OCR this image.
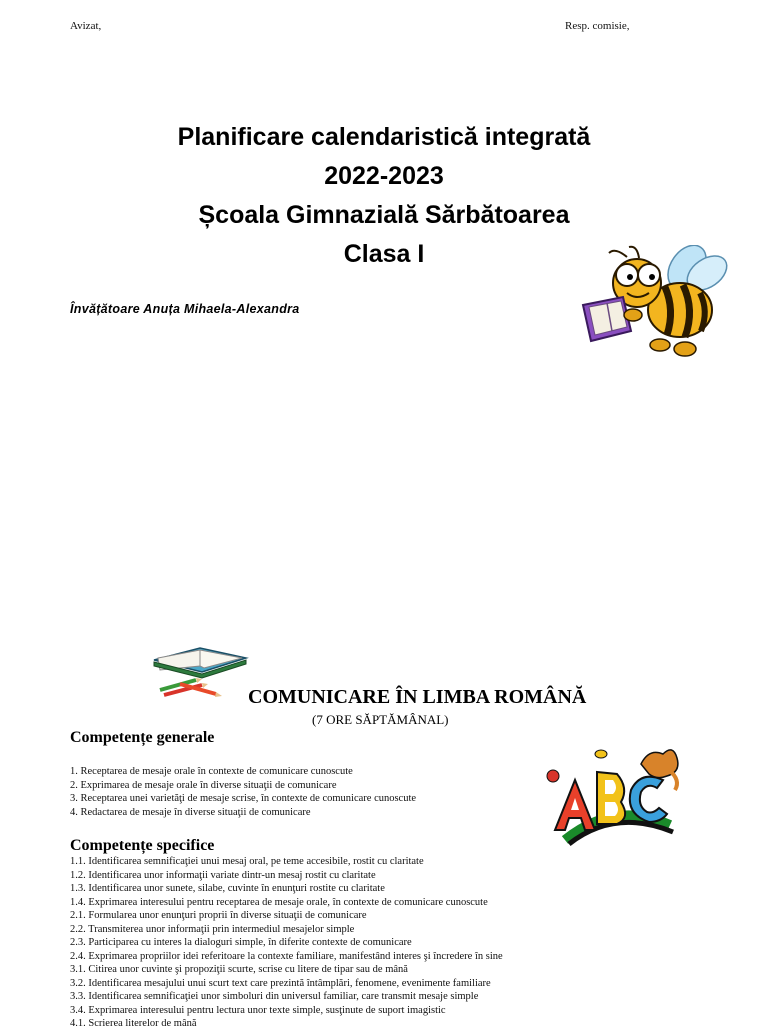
Avizat,	Resp. comisie,
Planificare calendaristică integrată
2022-2023
Școala Gimnazială Sărbătoarea
Clasa I
Învățătoare Anuța Mihaela-Alexandra
COMUNICARE ÎN LIMBA ROMÂNĂ
(7 ORE SĂPTĂMÂNAL)
Competențe generale
1. Receptarea de mesaje orale în contexte de comunicare cunoscute
2. Exprimarea de mesaje orale în diverse situaţii de comunicare
3. Receptarea unei varietăţi de mesaje scrise, în contexte de comunicare cunoscute
4. Redactarea de mesaje în diverse situaţii de comunicare
Competențe specifice
1.1. Identificarea semnificaţiei unui mesaj oral, pe teme accesibile, rostit cu claritate
1.2. Identificarea unor informaţii variate dintr-un mesaj rostit cu claritate
1.3. Identificarea unor sunete, silabe, cuvinte în enunţuri rostite cu claritate
1.4. Exprimarea interesului pentru receptarea de mesaje orale, în contexte de comunicare cunoscute
2.1. Formularea unor enunţuri proprii în diverse situaţii de comunicare
2.2. Transmiterea unor informaţii prin intermediul mesajelor simple
2.3. Participarea cu interes la dialoguri simple, în diferite contexte de comunicare
2.4. Exprimarea propriilor idei referitoare la contexte familiare, manifestând interes şi încredere în sine
3.1. Citirea unor cuvinte şi propoziţii scurte, scrise cu litere de tipar sau de mână
3.2. Identificarea mesajului unui scurt text care prezintă întâmplări, fenomene, evenimente familiare
3.3. Identificarea semnificaţiei unor simboluri din universul familiar, care transmit mesaje simple
3.4. Exprimarea interesului pentru lectura unor texte simple, susţinute de suport imagistic
4.1. Scrierea literelor de mână
